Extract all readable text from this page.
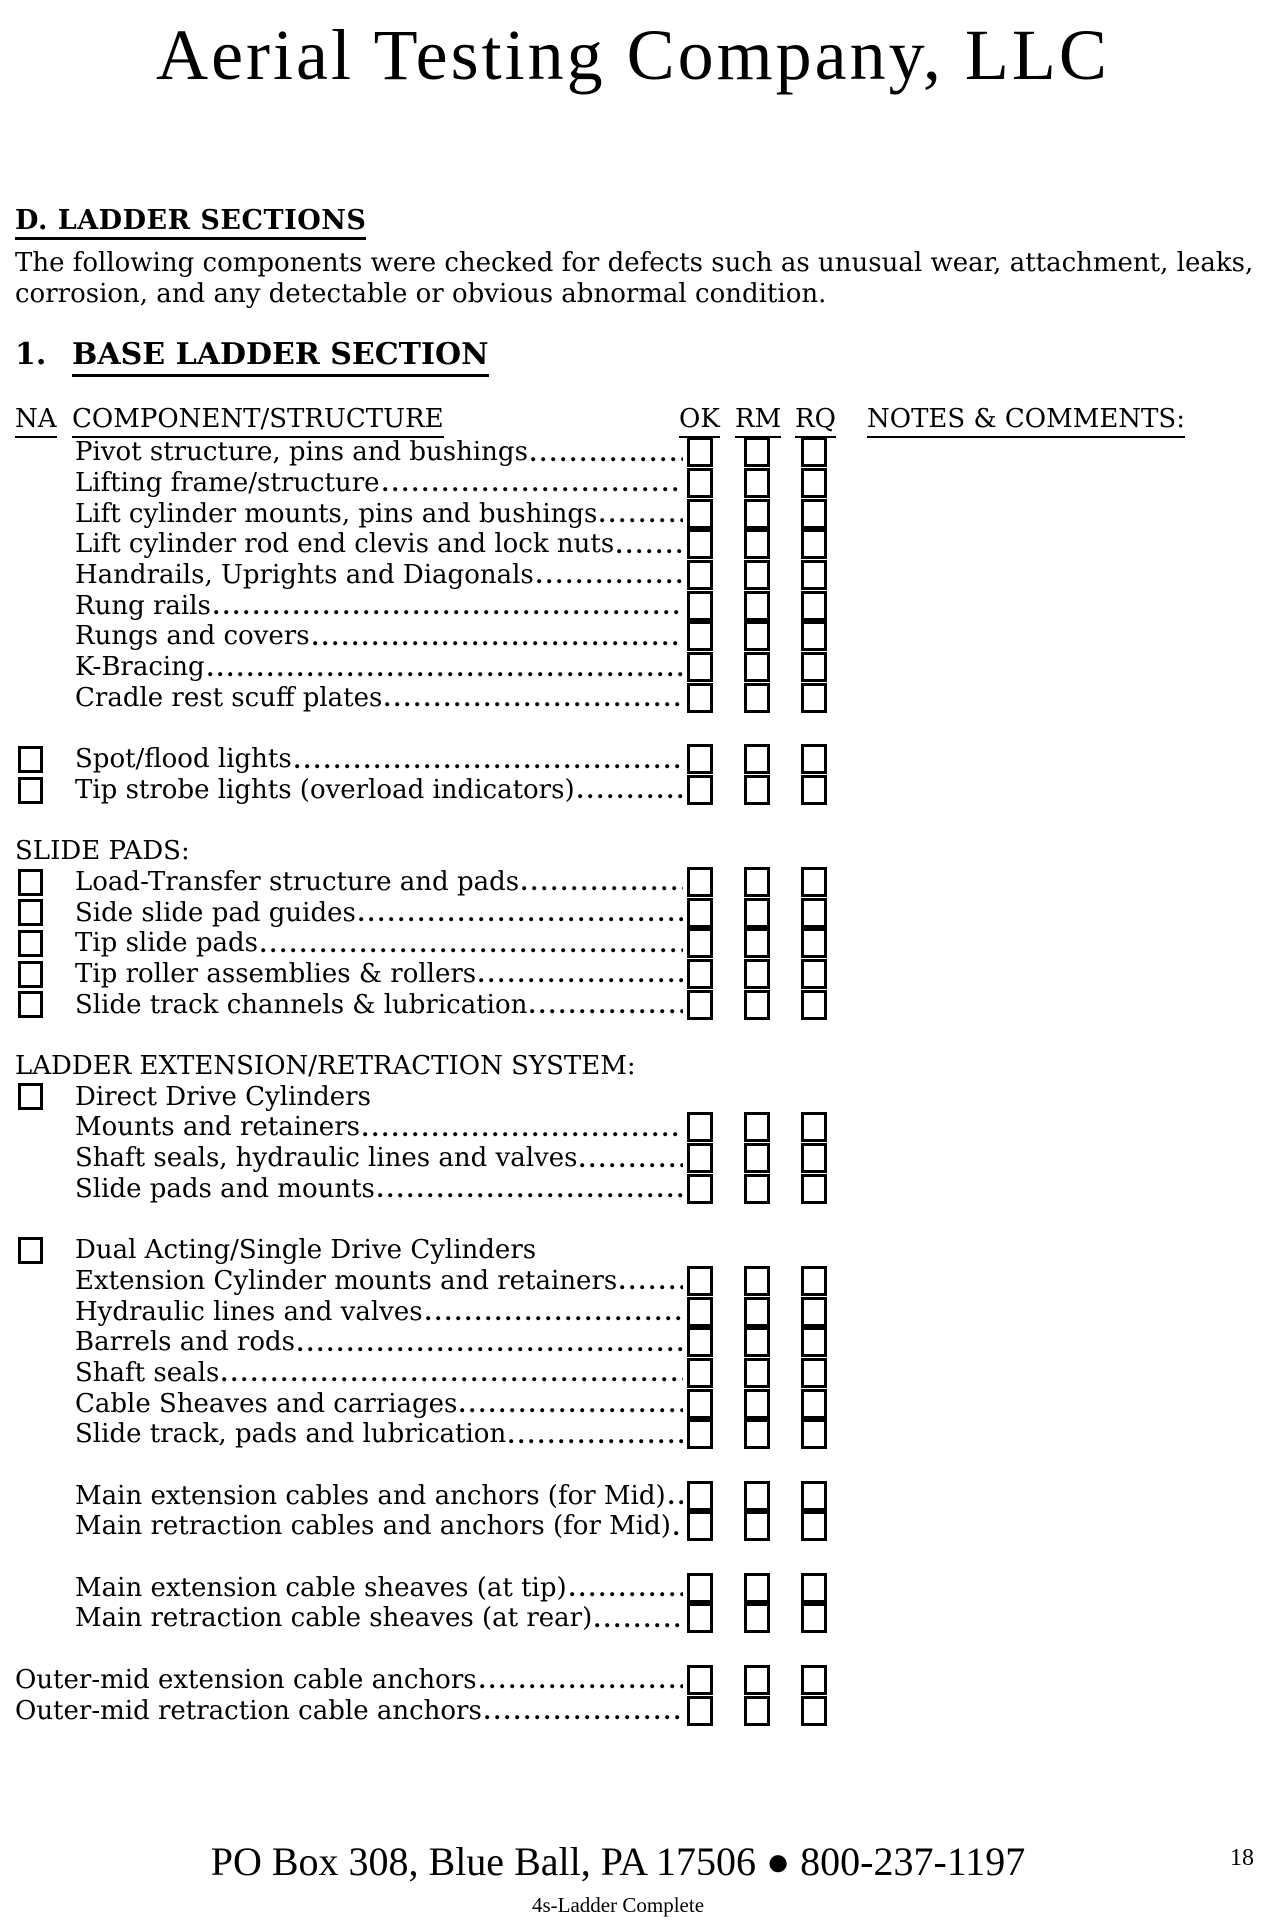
Aerial Testing Company, LLC
D. LADDER SECTIONS
The following components were checked for defects such as unusual wear, attachment, leaks,
corrosion, and any detectable or obvious abnormal condition.
1. BASE LADDER SECTION
NA COMPONENT/STRUCTURE	OK RM RQ NOTES & COMMENTS:
Pivot structure, pins and bushings
Lifting frame/structure
Lift cylinder mounts, pins and bushings
Lift cylinder rod end clevis and lock nuts
Handrails, Uprights and Diagonals
Rung rails
Rungs and covers
K-Bracing
Cradle rest scuff plates
Spot/flood lights
Tip strobe lights (overload indicators)
SLIDE PADS:
Load-Transfer structure and pads
Side slide pad guides
Tip slide pads
Tip roller assemblies & rollers
Slide track channels & lubrication
LADDER EXTENSION/RETRACTION SYSTEM:
Direct Drive Cylinders
Mounts and retainers
Shaft seals, hydraulic lines and valves
Slide pads and mounts
Dual Acting/Single Drive Cylinders
Extension Cylinder mounts and retainers
Hydraulic lines and valves
Barrels and rods
Shaft seals
Cable Sheaves and carriages
Slide track, pads and lubrication
Main extension cables and anchors (for Mid)
Main retraction cables and anchors (for Mid)
Main extension cable sheaves (at tip)
Main retraction cable sheaves (at rear)
Outer-mid extension cable anchors
Outer-mid retraction cable anchors
PO Box 308, Blue Ball, PA 17506 ● 800-237-1197
4s-Ladder Complete
18
